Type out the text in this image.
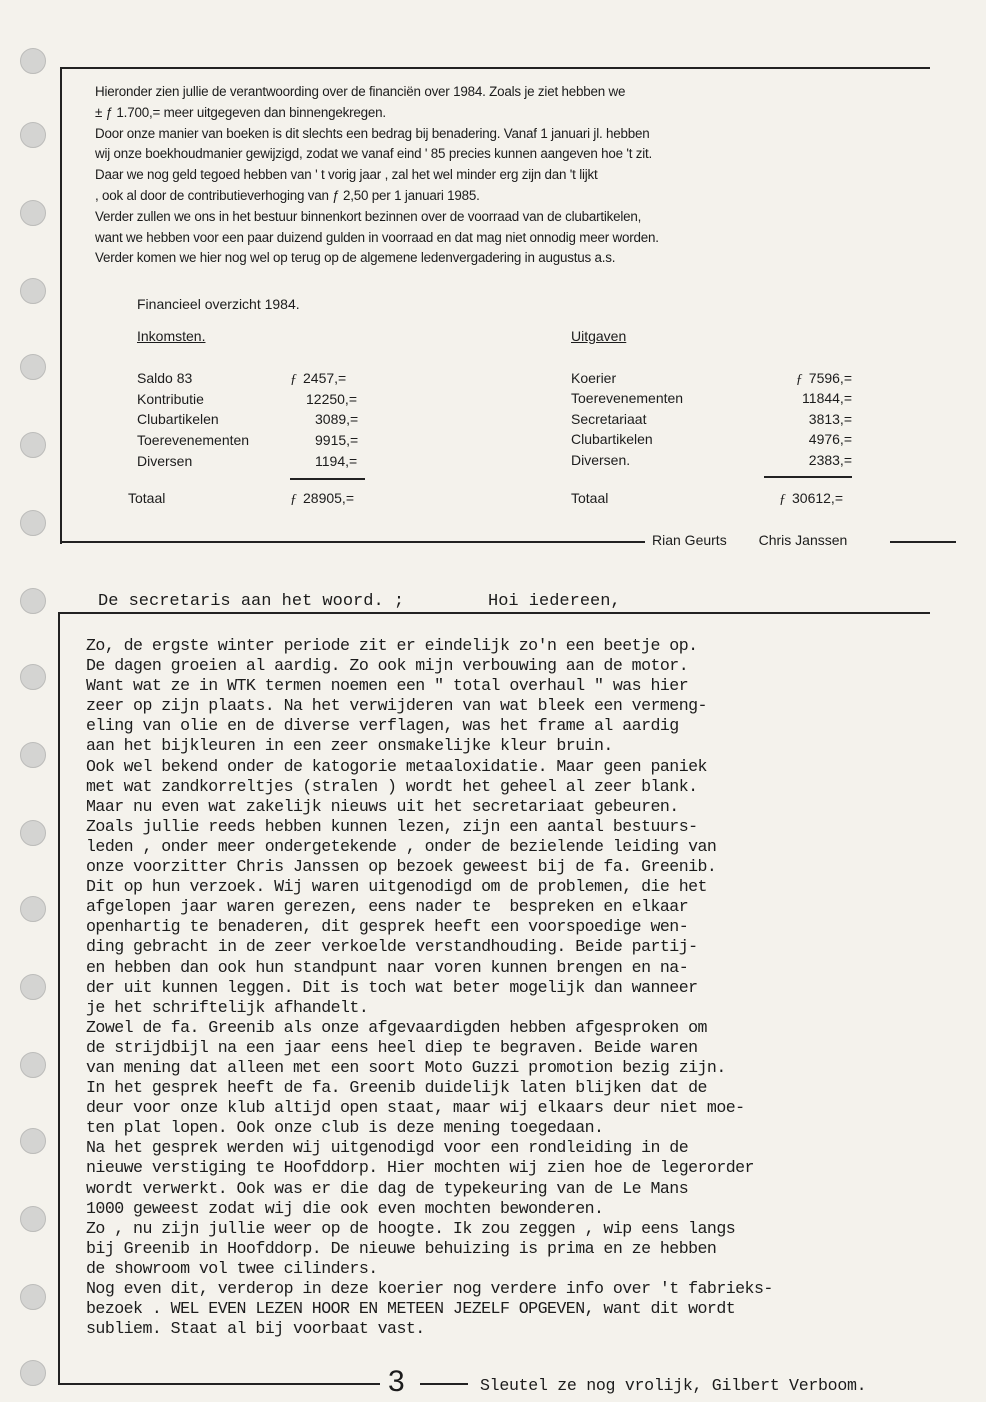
Hieronder zien jullie de verantwoording over de financiën over 1984. Zoals je ziet hebben we

± ƒ 1.700,= meer uitgegeven dan binnengekregen.

Door onze manier van boeken is dit slechts een bedrag bij benadering. Vanaf 1 januari jl. hebben

wij onze boekhoudmanier gewijzigd, zodat we vanaf eind ' 85 precies kunnen aangeven hoe 't zit.

Daar we nog geld tegoed hebben van ' t vorig jaar , zal het wel minder erg zijn dan 't lijkt

, ook al door de contributieverhoging van ƒ 2,50 per 1 januari 1985.

Verder zullen we ons in het bestuur binnenkort bezinnen over de voorraad van de clubartikelen,

want we hebben voor een paar duizend gulden in voorraad en dat mag niet onnodig meer worden.

Verder komen we hier nog wel op terug op de algemene ledenvergadering in augustus a.s.

Financieel overzicht 1984.
Inkomsten.	Uitgaven
Saldo 83	ƒ 2457,=
Kontributie	12250,=
Clubartikelen	3089,=
Toerevenementen	9915,=
Diversen	1194,=
Koerier	ƒ 7596,=
Toerevenementen	11844,=
Secretariaat	3813,=
Clubartikelen	4976,=
Diversen.	2383,=
Totaal	ƒ 28905,=	Totaal	ƒ 30612,=
Rian Geurts Chris Janssen
De secretaris aan het woord. ;	Hoi iedereen,
Zo, de ergste winter periode zit er eindelijk zo'n een beetje op.
De dagen groeien al aardig. Zo ook mijn verbouwing aan de motor.
Want wat ze in WTK termen noemen een " total overhaul " was hier
zeer op zijn plaats. Na het verwijderen van wat bleek een vermeng-
eling van olie en de diverse verflagen, was het frame al aardig
aan het bijkleuren in een zeer onsmakelijke kleur bruin.
Ook wel bekend onder de katogorie metaaloxidatie. Maar geen paniek
met wat zandkorreltjes (stralen ) wordt het geheel al zeer blank.
Maar nu even wat zakelijk nieuws uit het secretariaat gebeuren.
Zoals jullie reeds hebben kunnen lezen, zijn een aantal bestuurs-
leden , onder meer ondergetekende , onder de bezielende leiding van
onze voorzitter Chris Janssen op bezoek geweest bij de fa. Greenib.
Dit op hun verzoek. Wij waren uitgenodigd om de problemen, die het
afgelopen jaar waren gerezen, eens nader te  bespreken en elkaar
openhartig te benaderen, dit gesprek heeft een voorspoedige wen-
ding gebracht in de zeer verkoelde verstandhouding. Beide partij-
en hebben dan ook hun standpunt naar voren kunnen brengen en na-
der uit kunnen leggen. Dit is toch wat beter mogelijk dan wanneer
je het schriftelijk afhandelt.
Zowel de fa. Greenib als onze afgevaardigden hebben afgesproken om
de strijdbijl na een jaar eens heel diep te begraven. Beide waren
van mening dat alleen met een soort Moto Guzzi promotion bezig zijn.
In het gesprek heeft de fa. Greenib duidelijk laten blijken dat de
deur voor onze klub altijd open staat, maar wij elkaars deur niet moe-
ten plat lopen. Ook onze club is deze mening toegedaan.
Na het gesprek werden wij uitgenodigd voor een rondleiding in de
nieuwe verstiging te Hoofddorp. Hier mochten wij zien hoe de legerorder
wordt verwerkt. Ook was er die dag de typekeuring van de Le Mans
1000 geweest zodat wij die ook even mochten bewonderen.
Zo , nu zijn jullie weer op de hoogte. Ik zou zeggen , wip eens langs
bij Greenib in Hoofddorp. De nieuwe behuizing is prima en ze hebben
de showroom vol twee cilinders.
Nog even dit, verderop in deze koerier nog verdere info over 't fabrieks-
bezoek . WEL EVEN LEZEN HOOR EN METEEN JEZELF OPGEVEN, want dit wordt
subliem. Staat al bij voorbaat vast.
3	Sleutel ze nog vrolijk, Gilbert Verboom.
